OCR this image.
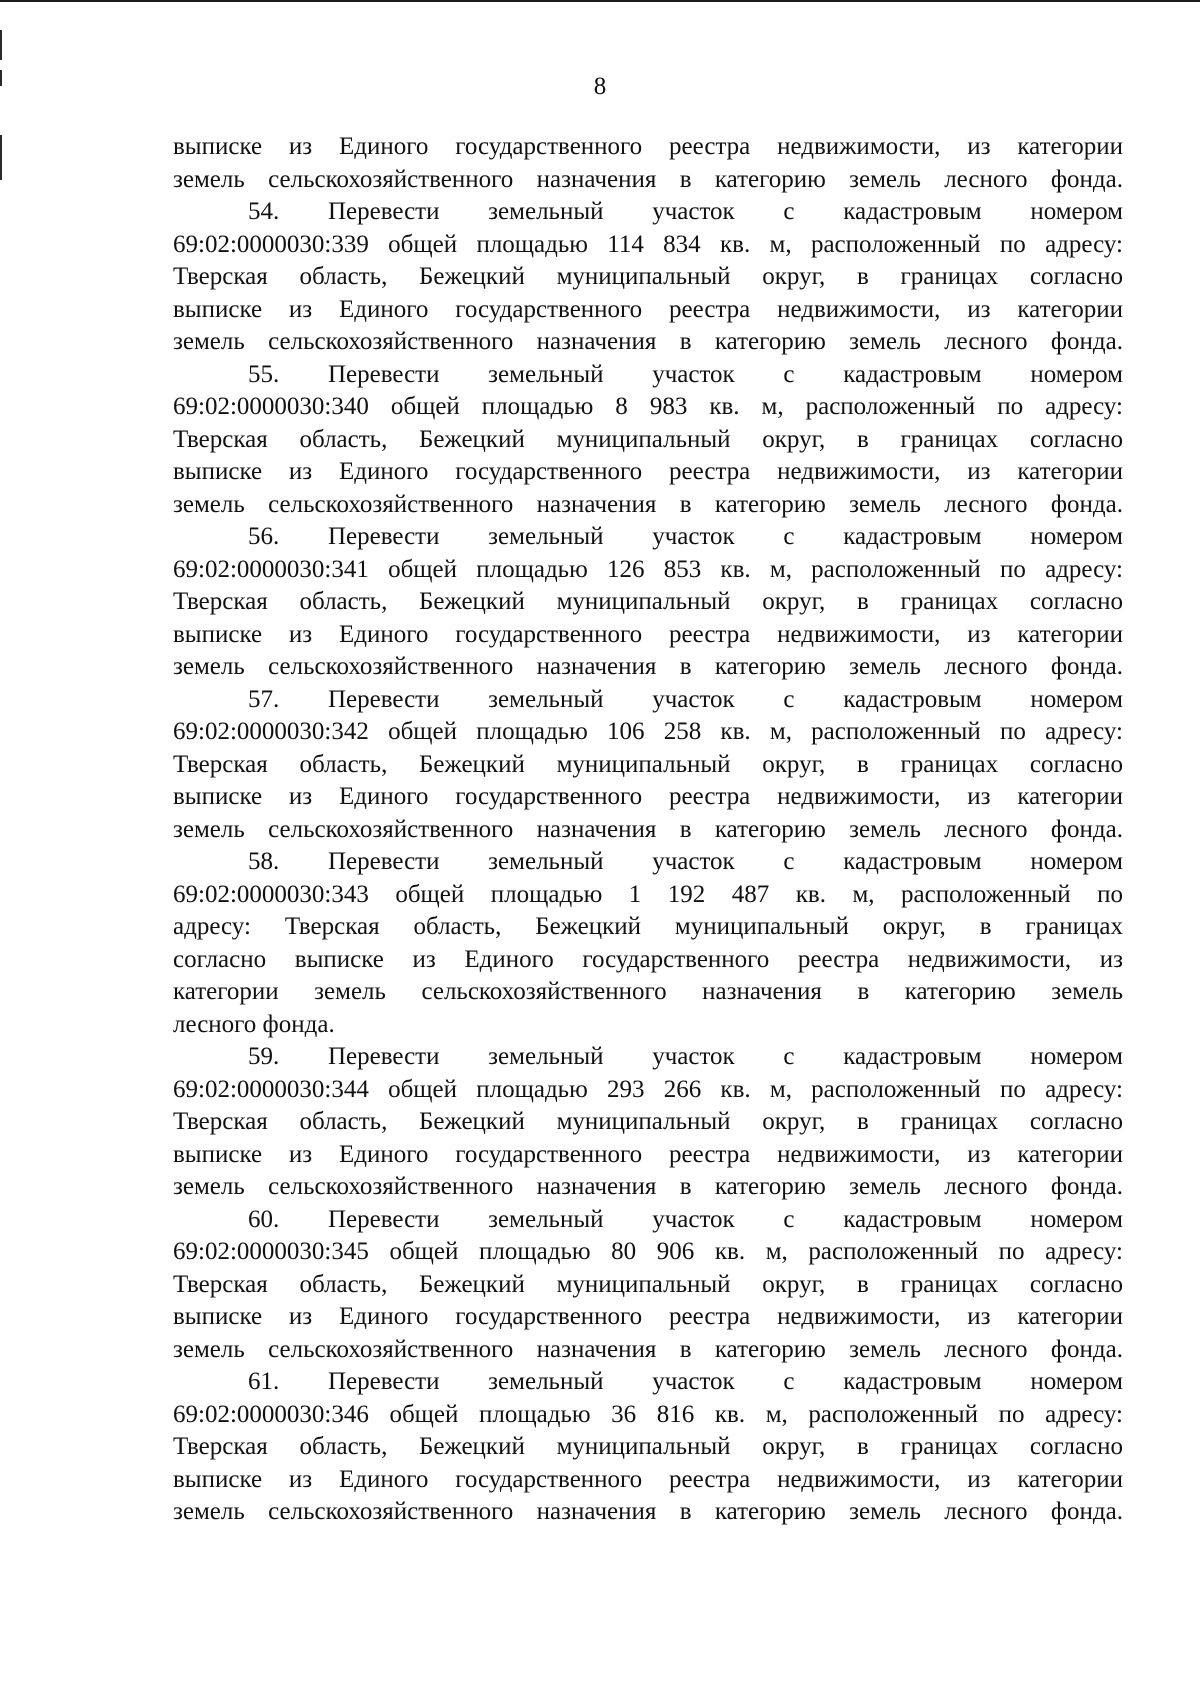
8
выписке из Единого государственного реестра недвижимости, из категории
земель сельскохозяйственного назначения в категорию земель лесного фонда.
54. Перевести земельный участок с кадастровым номером
69:02:0000030:339 общей площадью 114 834 кв. м, расположенный по адресу:
Тверская область, Бежецкий муниципальный округ, в границах согласно
выписке из Единого государственного реестра недвижимости, из категории
земель сельскохозяйственного назначения в категорию земель лесного фонда.
55. Перевести земельный участок с кадастровым номером
69:02:0000030:340 общей площадью 8 983 кв. м, расположенный по адресу:
Тверская область, Бежецкий муниципальный округ, в границах согласно
выписке из Единого государственного реестра недвижимости, из категории
земель сельскохозяйственного назначения в категорию земель лесного фонда.
56. Перевести земельный участок с кадастровым номером
69:02:0000030:341 общей площадью 126 853 кв. м, расположенный по адресу:
Тверская область, Бежецкий муниципальный округ, в границах согласно
выписке из Единого государственного реестра недвижимости, из категории
земель сельскохозяйственного назначения в категорию земель лесного фонда.
57. Перевести земельный участок с кадастровым номером
69:02:0000030:342 общей площадью 106 258 кв. м, расположенный по адресу:
Тверская область, Бежецкий муниципальный округ, в границах согласно
выписке из Единого государственного реестра недвижимости, из категории
земель сельскохозяйственного назначения в категорию земель лесного фонда.
58. Перевести земельный участок с кадастровым номером
69:02:0000030:343 общей площадью 1 192 487 кв. м, расположенный по
адресу: Тверская область, Бежецкий муниципальный округ, в границах
согласно выписке из Единого государственного реестра недвижимости, из
категории земель сельскохозяйственного назначения в категорию земель
лесного фонда.
59. Перевести земельный участок с кадастровым номером
69:02:0000030:344 общей площадью 293 266 кв. м, расположенный по адресу:
Тверская область, Бежецкий муниципальный округ, в границах согласно
выписке из Единого государственного реестра недвижимости, из категории
земель сельскохозяйственного назначения в категорию земель лесного фонда.
60. Перевести земельный участок с кадастровым номером
69:02:0000030:345 общей площадью 80 906 кв. м, расположенный по адресу:
Тверская область, Бежецкий муниципальный округ, в границах согласно
выписке из Единого государственного реестра недвижимости, из категории
земель сельскохозяйственного назначения в категорию земель лесного фонда.
61. Перевести земельный участок с кадастровым номером
69:02:0000030:346 общей площадью 36 816 кв. м, расположенный по адресу:
Тверская область, Бежецкий муниципальный округ, в границах согласно
выписке из Единого государственного реестра недвижимости, из категории
земель сельскохозяйственного назначения в категорию земель лесного фонда.
